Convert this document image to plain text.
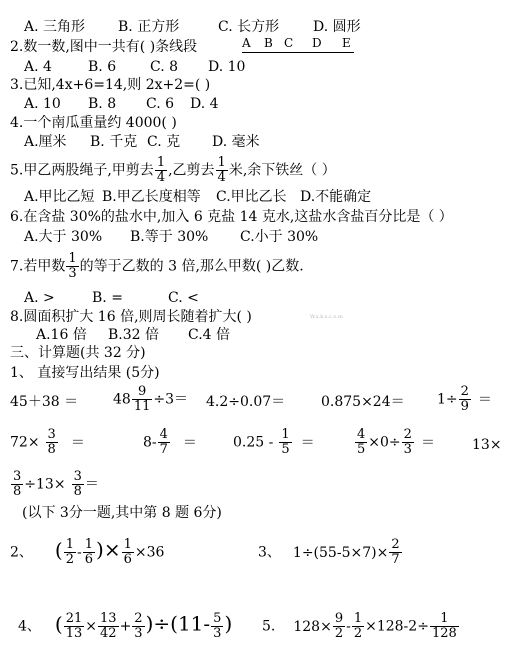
A. 三角形 B. 正方形	C. 长方形 D. 圆形
2.数一数,图中一共有( )条线段	A B C D E
A. 4	B. 6 C. 8 D. 10
3.已知,4x+6=14,则 2x+2=( )
A. 10 B. 8 C. 6 D. 4
4.一个南瓜重量约 4000( )
A.厘米 B. 千克 C. 克 D. 毫米
5.甲乙两股绳子,甲剪去 $\frac{1}{4}$ ,乙剪去 $\frac{1}{4}$ 米,余下铁丝（ ）
A.甲比乙短 B.甲乙长度相等 C.甲比乙长 D.不能确定
6.在含盐 30%的盐水中,加入 6 克盐 14 克水,这盐水含盐百分比是（ ）
A.大于 30% B.等于 30% C.小于 30%
7.若甲数 $\frac{1}{3}$ 的等于乙数的 3 倍,那么甲数( )乙数.
A. >	B. =	C. <
8.圆面积扩大 16 倍,则周长随着扩大( )	W.x.k.s.c.o.m
A.16 倍 B.32 倍 C.4 倍
三、计算题(共 32 分)
1、 直接写出结果 (5分)
$45+38 = 48 \frac{9}{11} \div 3= 4.2\div 0.07=$	$0.875\times 24= 1\div \frac{2}{9}$ ＝
$72\times \frac{3}{8}$ ＝	$8- \frac{4}{7}$ ＝	$0.25 - \frac{1}{5}$ ＝	$\frac{4}{5} \times 0\div \frac{2}{3}$ ＝	13×
$\frac{3}{8} \div 13\times \frac{3}{8}$ ＝
(以下 3分一题,其中第 8 题 6分)
2、 ( $\frac{1}{2} - \frac{1}{6}$ )× $\frac{1}{6} \times 36$	3、 $1\div(55-5\times 7)\times \frac{2}{7}$
4、 ( $\frac{21}{13} \times \frac{13}{42} + \frac{2}{3} )\div(11- \frac{5}{3}$ ) 5. $128\times \frac{9}{2} - \frac{1}{2} \times 128-2\div \frac{1}{128}$
